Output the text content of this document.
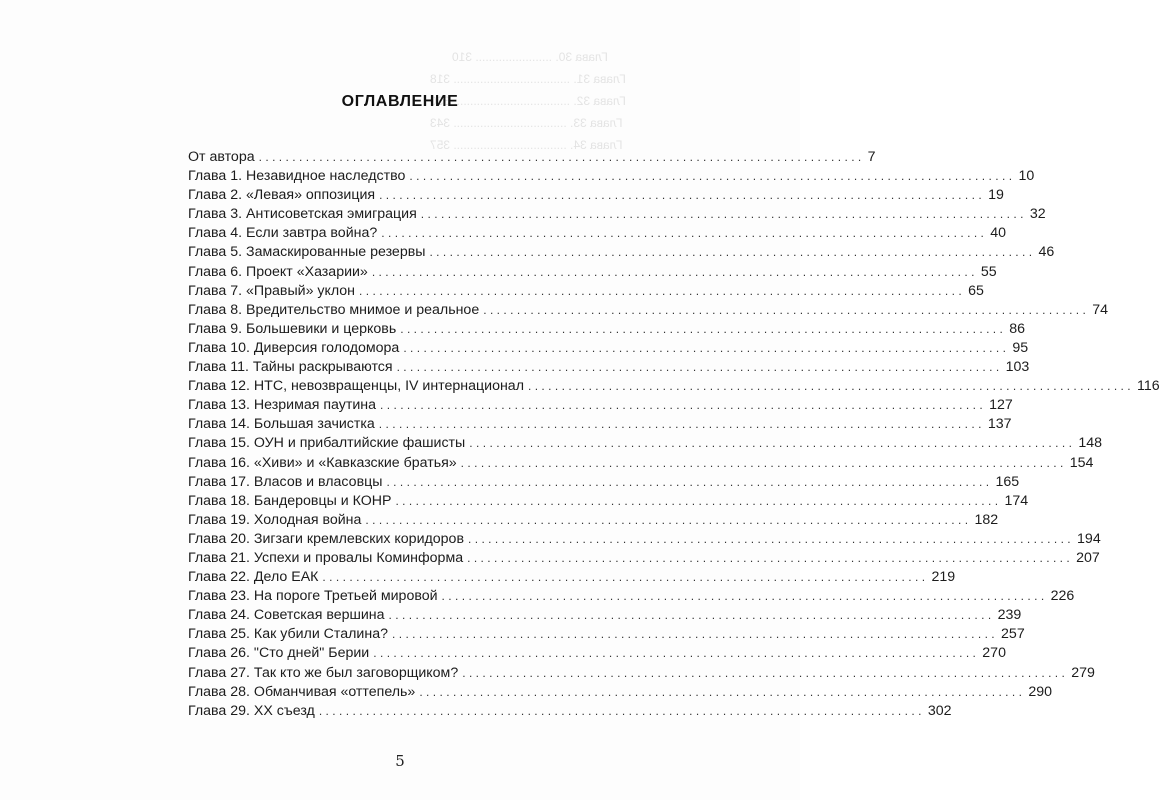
Глава 30. ....................... 310
Глава 31. ................................... 318
Глава 32. ................................... 330
Глава 33. .................................. 343
Глава 34. .................................. 357
ОГЛАВЛЕНИЕ
От автора .......................................................................................... 7
Глава 1. Незавидное наследство .......................................................................................... 10
Глава 2. «Левая» оппозиция .......................................................................................... 19
Глава 3. Антисоветская эмиграция .......................................................................................... 32
Глава 4. Если завтра война? .......................................................................................... 40
Глава 5. Замаскированные резервы .......................................................................................... 46
Глава 6. Проект «Хазарии» .......................................................................................... 55
Глава 7. «Правый» уклон .......................................................................................... 65
Глава 8. Вредительство мнимое и реальное .......................................................................................... 74
Глава 9. Большевики и церковь .......................................................................................... 86
Глава 10. Диверсия голодомора .......................................................................................... 95
Глава 11. Тайны раскрываются .......................................................................................... 103
Глава 12. НТС, невозвращенцы, IV интернационал .......................................................................................... 116
Глава 13. Незримая паутина .......................................................................................... 127
Глава 14. Большая зачистка .......................................................................................... 137
Глава 15. ОУН и прибалтийские фашисты .......................................................................................... 148
Глава 16. «Хиви» и «Кавказские братья» .......................................................................................... 154
Глава 17. Власов и власовцы .......................................................................................... 165
Глава 18. Бандеровцы и КОНР .......................................................................................... 174
Глава 19. Холодная война .......................................................................................... 182
Глава 20. Зигзаги кремлевских коридоров .......................................................................................... 194
Глава 21. Успехи и провалы Коминформа .......................................................................................... 207
Глава 22. Дело ЕАК .......................................................................................... 219
Глава 23. На пороге Третьей мировой .......................................................................................... 226
Глава 24. Советская вершина .......................................................................................... 239
Глава 25. Как убили Сталина? .......................................................................................... 257
Глава 26. "Сто дней" Берии .......................................................................................... 270
Глава 27. Так кто же был заговорщиком? .......................................................................................... 279
Глава 28. Обманчивая «оттепель» .......................................................................................... 290
Глава 29. XX съезд .......................................................................................... 302
5
